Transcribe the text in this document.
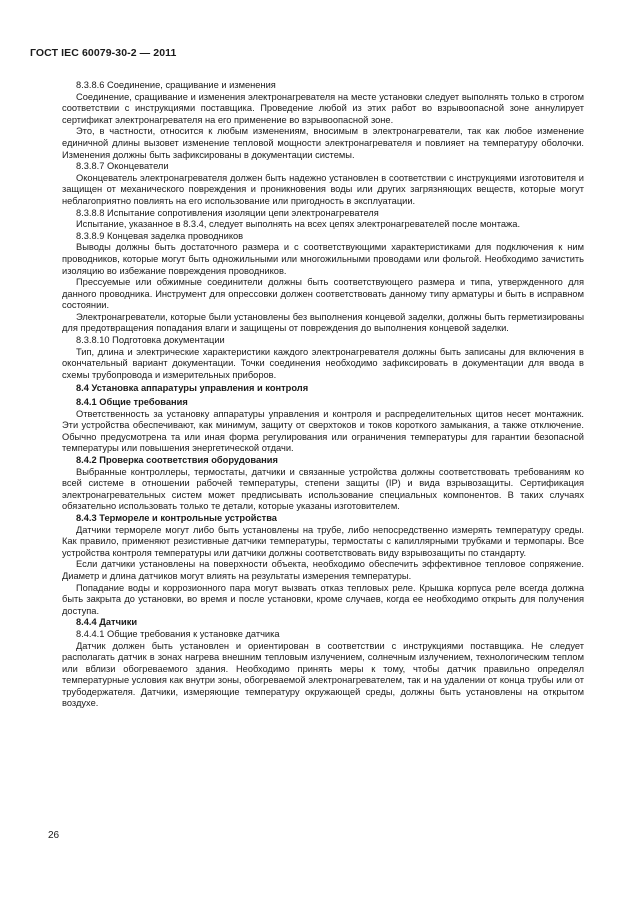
ГОСТ IEC 60079-30-2 — 2011

8.3.8.6 Соединение, сращивание и изменения

Соединение, сращивание и изменения электронагревателя на месте установки следует выполнять только в строгом соответствии с инструкциями поставщика. Проведение любой из этих работ во взрывоопасной зоне аннулирует сертификат электронагревателя на его применение во взрывоопасной зоне.

Это, в частности, относится к любым изменениям, вносимым в электронагреватели, так как любое изменение единичной длины вызовет изменение тепловой мощности электронагревателя и повлияет на температуру оболочки. Изменения должны быть зафиксированы в документации системы.

8.3.8.7 Оконцеватели

Оконцеватель электронагревателя должен быть надежно установлен в соответствии с инструкциями изготовителя и защищен от механического повреждения и проникновения воды или других загрязняющих веществ, которые могут неблагоприятно повлиять на его использование или пригодность в эксплуатации.

8.3.8.8 Испытание сопротивления изоляции цепи электронагревателя

Испытание, указанное в 8.3.4, следует выполнять на всех цепях электронагревателей после монтажа.

8.3.8.9 Концевая заделка проводников

Выводы должны быть достаточного размера и с соответствующими характеристиками для подключения к ним проводников, которые могут быть одножильными или многожильными проводами или фольгой. Необходимо зачистить изоляцию во избежание повреждения проводников.

Прессуемые или обжимные соединители должны быть соответствующего размера и типа, утвержденного для данного проводника. Инструмент для опрессовки должен соответствовать данному типу арматуры и быть в исправном состоянии.

Электронагреватели, которые были установлены без выполнения концевой заделки, должны быть герметизированы для предотвращения попадания влаги и защищены от повреждения до выполнения концевой заделки.

8.3.8.10 Подготовка документации

Тип, длина и электрические характеристики каждого электронагревателя должны быть записаны для включения в окончательный вариант документации. Точки соединения необходимо зафиксировать в документации для ввода в схемы трубопровода и измерительных приборов.

8.4 Установка аппаратуры управления и контроля

8.4.1 Общие требования

Ответственность за установку аппаратуры управления и контроля и распределительных щитов несет монтажник. Эти устройства обеспечивают, как минимум, защиту от сверхтоков и токов короткого замыкания, а также отключение. Обычно предусмотрена та или иная форма регулирования или ограничения температуры для гарантии безопасной температуры или повышения энергетической отдачи.

8.4.2 Проверка соответствия оборудования

Выбранные контроллеры, термостаты, датчики и связанные устройства должны соответствовать требованиям ко всей системе в отношении рабочей температуры, степени защиты (IP) и вида взрывозащиты. Сертификация электронагревательных систем может предписывать использование специальных компонентов. В таких случаях обязательно использовать только те детали, которые указаны изготовителем.

8.4.3 Термореле и контрольные устройства

Датчики термореле могут либо быть установлены на трубе, либо непосредственно измерять температуру среды. Как правило, применяют резистивные датчики температуры, термостаты с капиллярными трубками и термопары. Все устройства контроля температуры или датчики должны соответствовать виду взрывозащиты по стандарту.

Если датчики установлены на поверхности объекта, необходимо обеспечить эффективное тепловое сопряжение. Диаметр и длина датчиков могут влиять на результаты измерения температуры.

Попадание воды и коррозионного пара могут вызвать отказ тепловых реле. Крышка корпуса реле всегда должна быть закрыта до установки, во время и после установки, кроме случаев, когда ее необходимо открыть для получения доступа.

8.4.4 Датчики

8.4.4.1 Общие требования к установке датчика

Датчик должен быть установлен и ориентирован в соответствии с инструкциями поставщика. Не следует располагать датчик в зонах нагрева внешним тепловым излучением, солнечным излучением, технологическим теплом или вблизи обогреваемого здания. Необходимо принять меры к тому, чтобы датчик правильно определял температурные условия как внутри зоны, обогреваемой электронагревателем, так и на удалении от конца трубы или от трубодержателя. Датчики, измеряющие температуру окружающей среды, должны быть установлены на открытом воздухе.

26
